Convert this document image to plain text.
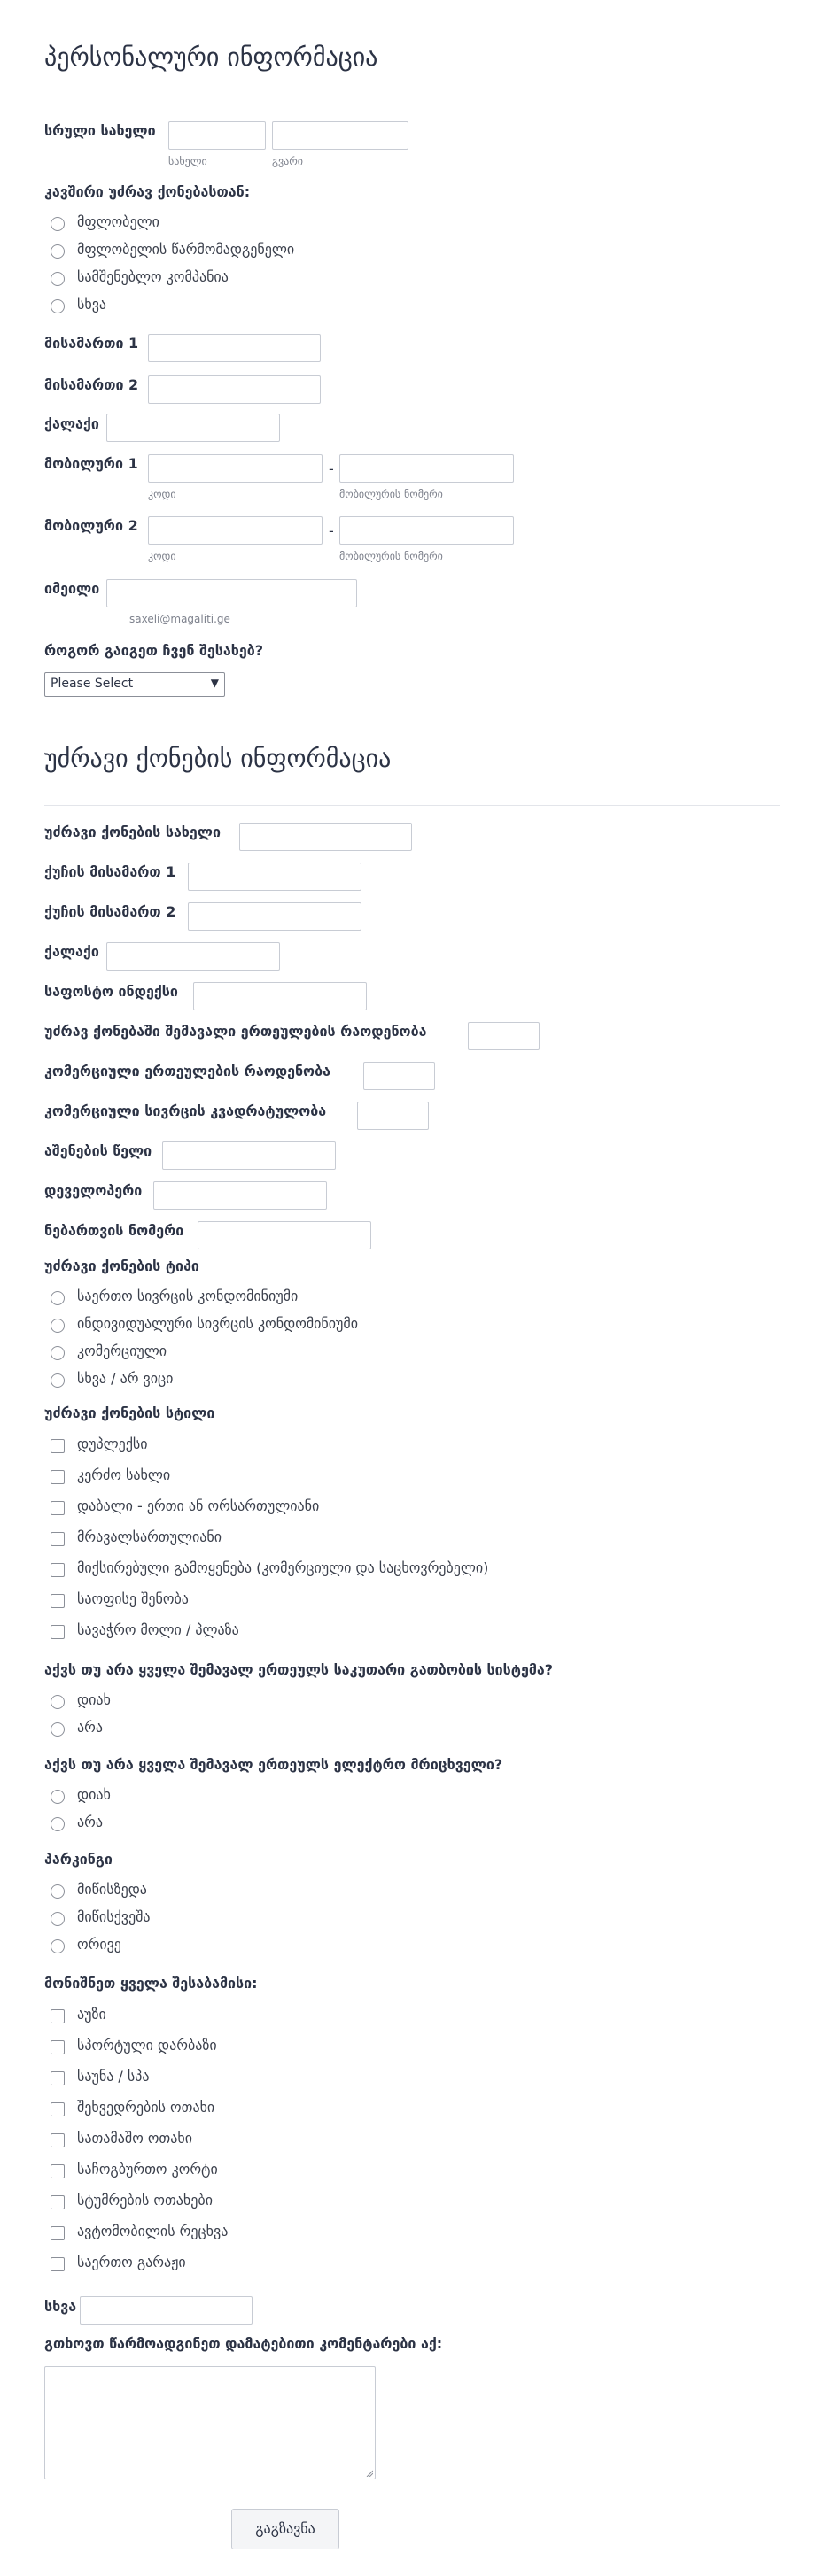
პერსონალური ინფორმაცია
სრული სახელი
სახელი	გვარი
კავშირი უძრავ ქონებასთან:
მფლობელი
მფლობელის წარმომადგენელი
სამშენებლო კომპანია
სხვა
მისამართი 1
მისამართი 2
ქალაქი
მობილური 1	-
კოდი	მობილურის ნომერი
მობილური 2	-
კოდი	მობილურის ნომერი
იმეილი
saxeli@magaliti.ge
როგორ გაიგეთ ჩვენ შესახებ?
Please Select	▼
უძრავი ქონების ინფორმაცია
უძრავი ქონების სახელი
ქუჩის მისამართ 1
ქუჩის მისამართ 2
ქალაქი
საფოსტო ინდექსი
უძრავ ქონებაში შემავალი ერთეულების რაოდენობა
კომერციული ერთეულების რაოდენობა
კომერციული სივრცის კვადრატულობა
აშენების წელი
დეველოპერი
ნებართვის ნომერი
უძრავი ქონების ტიპი
საერთო სივრცის კონდომინიუმი
ინდივიდუალური სივრცის კონდომინიუმი
კომერციული
სხვა / არ ვიცი
უძრავი ქონების სტილი
დუპლექსი
კერძო სახლი
დაბალი - ერთი ან ორსართულიანი
მრავალსართულიანი
მიქსირებული გამოყენება (კომერციული და საცხოვრებელი)
საოფისე შენობა
სავაჭრო მოლი / პლაზა
აქვს თუ არა ყველა შემავალ ერთეულს საკუთარი გათბობის სისტემა?
დიახ
არა
აქვს თუ არა ყველა შემავალ ერთეულს ელექტრო მრიცხველი?
დიახ
არა
პარკინგი
მიწისზედა
მიწისქვეშა
ორივე
მონიშნეთ ყველა შესაბამისი:
აუზი
სპორტული დარბაზი
საუნა / სპა
შეხვედრების ოთახი
სათამაშო ოთახი
საჩოგბურთო კორტი
სტუმრების ოთახები
ავტომობილის რეცხვა
საერთო გარაჟი
სხვა
გთხოვთ წარმოადგინეთ დამატებითი კომენტარები აქ:
გაგზავნა
